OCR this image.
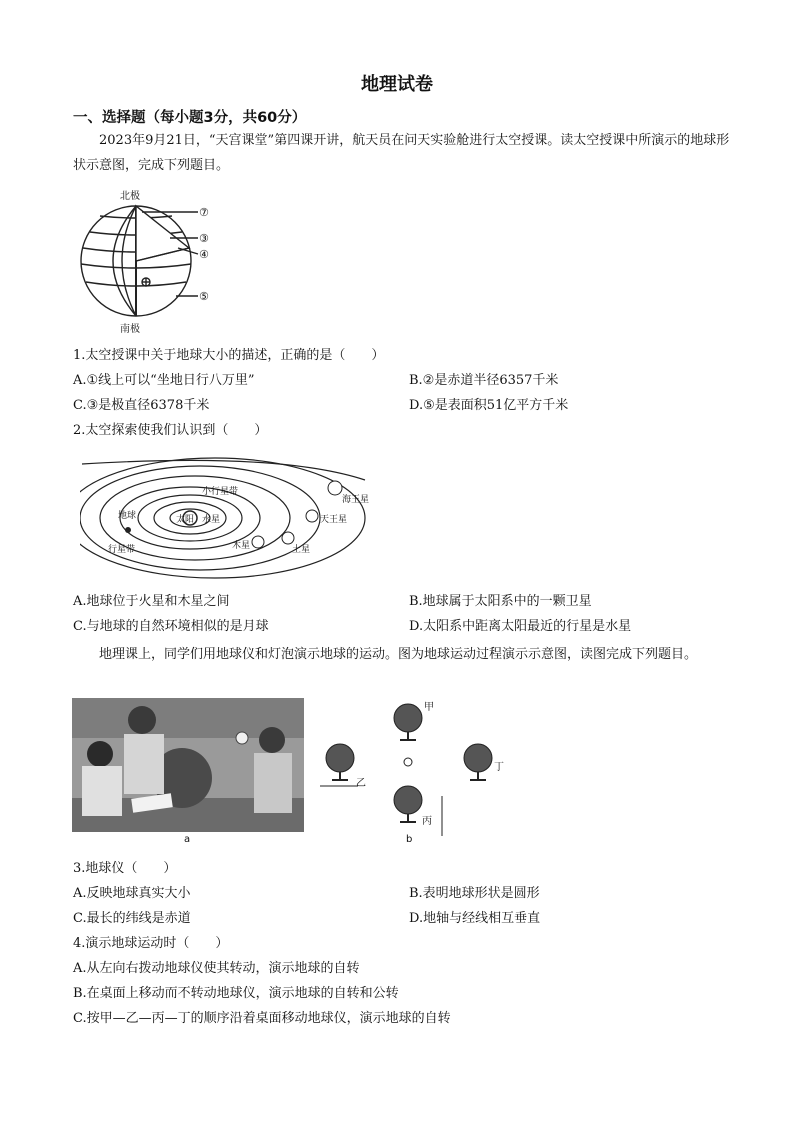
地理试卷
一、选择题（每小题3分，共60分）
2023年9月21日，“天宫课堂”第四课开讲，航天员在问天实验舱进行太空授课。读太空授课中所演示的地球形状示意图，完成下列题目。
北极
南极
⑦
③
④
⑤
1.太空授课中关于地球大小的描述，正确的是（　　）
A.①线上可以“坐地日行八万里”	B.②是赤道半径6357千米
C.③是极直径6378千米	D.⑤是表面积51亿平方千米
2.太空探索使我们认识到（　　）
小行星带
地球	太阳 水星
海王星
天王星
木星	土星
行星带
A.地球位于火星和木星之间	B.地球属于太阳系中的一颗卫星
C.与地球的自然环境相似的是月球	D.太阳系中距离太阳最近的行星是水星
地理课上，同学们用地球仪和灯泡演示地球的运动。图为地球运动过程演示示意图，读图完成下列题目。
a
甲
乙
丙
丁
b
3.地球仪（　　）
A.反映地球真实大小	B.表明地球形状是圆形
C.最长的纬线是赤道	D.地轴与经线相互垂直
4.演示地球运动时（　　）
A.从左向右拨动地球仪使其转动，演示地球的自转
B.在桌面上移动而不转动地球仪，演示地球的自转和公转
C.按甲—乙—丙—丁的顺序沿着桌面移动地球仪，演示地球的自转
